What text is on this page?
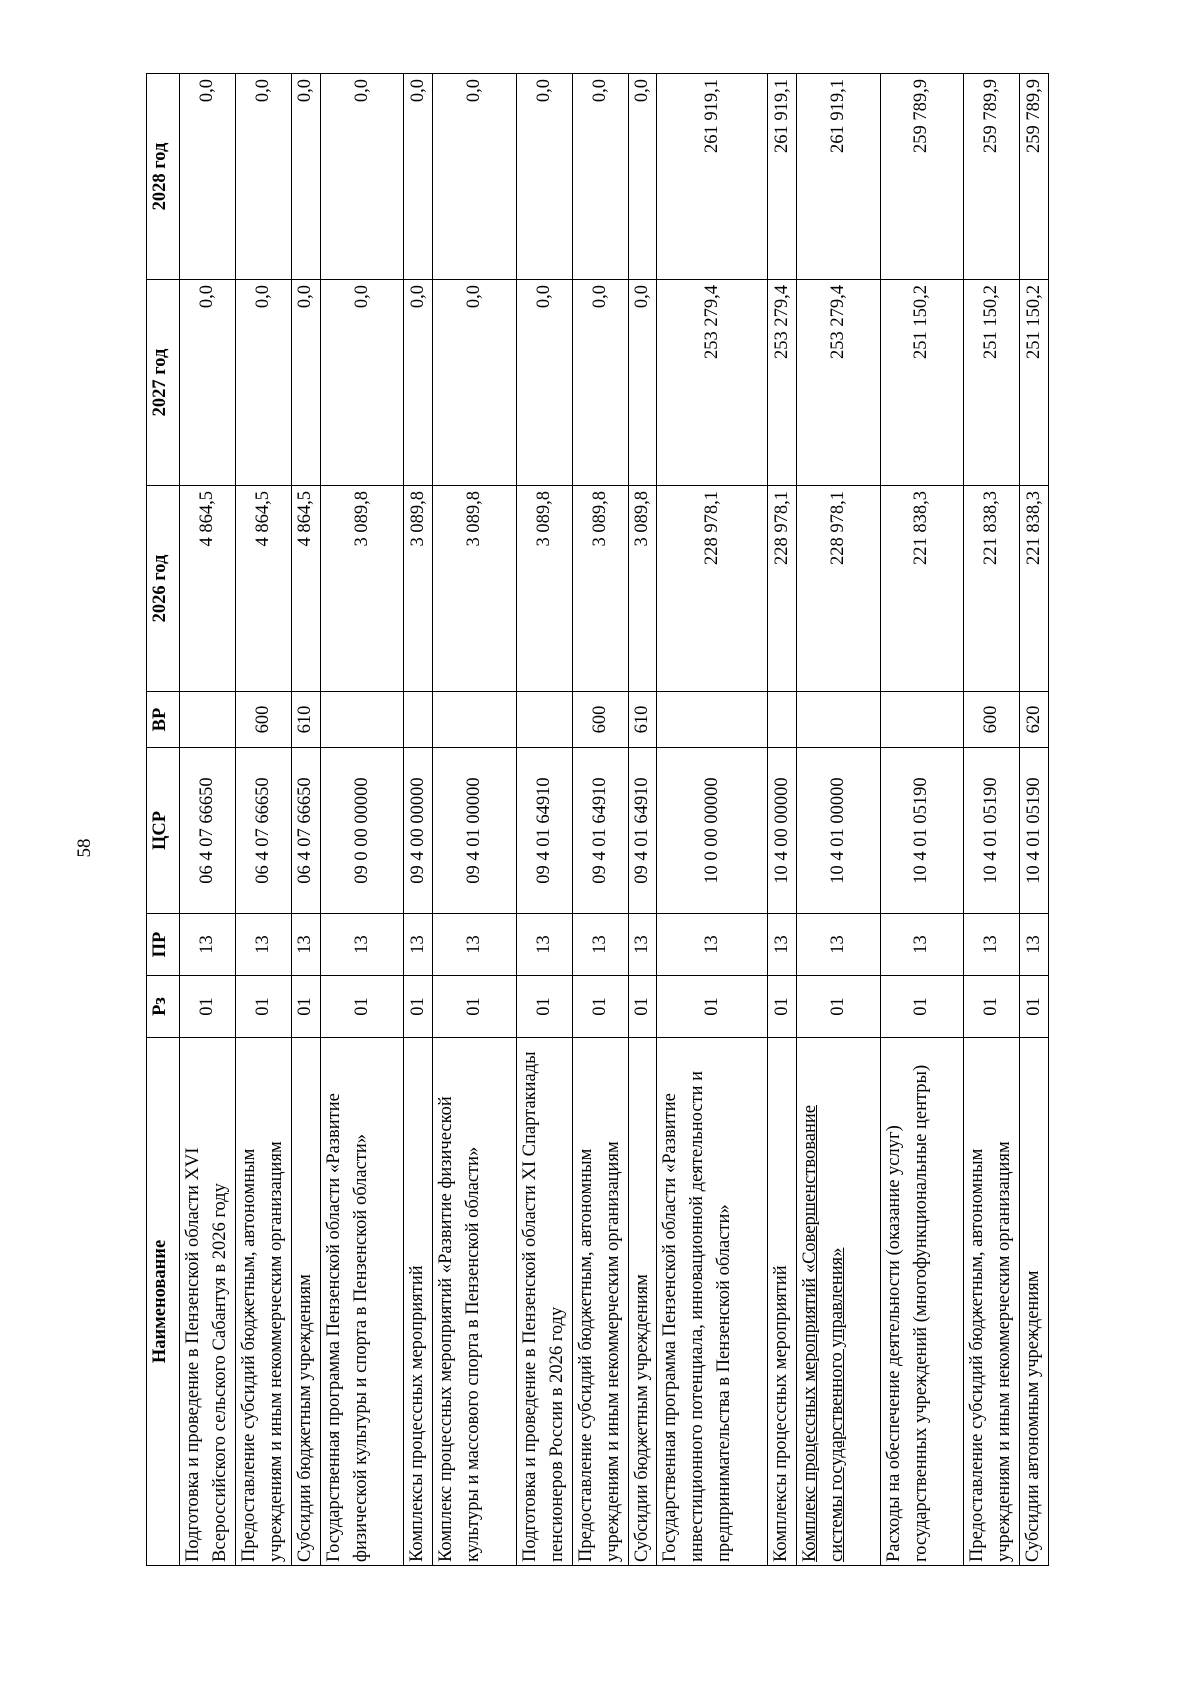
58
Наименование	Рз	ПР	ЦСР	ВР	2026 год	2027 год	2028 год
Подготовка и проведение в Пензенской области XVI Всероссийского сельского Сабантуя в 2026 году	01	13	06 4 07 66650		4 864,5	0,0	0,0
Предоставление субсидий бюджетным, автономным учреждениям и иным некоммерческим организациям	01	13	06 4 07 66650	600	4 864,5	0,0	0,0
Субсидии бюджетным учреждениям	01	13	06 4 07 66650	610	4 864,5	0,0	0,0
Государственная программа Пензенской области «Развитие физической культуры и спорта в Пензенской области»	01	13	09 0 00 00000		3 089,8	0,0	0,0
Комплексы процессных мероприятий	01	13	09 4 00 00000		3 089,8	0,0	0,0
Комплекс процессных мероприятий «Развитие физической культуры и массового спорта в Пензенской области»	01	13	09 4 01 00000		3 089,8	0,0	0,0
Подготовка и проведение в Пензенской области XI Спартакиады пенсионеров России в 2026 году	01	13	09 4 01 64910		3 089,8	0,0	0,0
Предоставление субсидий бюджетным, автономным учреждениям и иным некоммерческим организациям	01	13	09 4 01 64910	600	3 089,8	0,0	0,0
Субсидии бюджетным учреждениям	01	13	09 4 01 64910	610	3 089,8	0,0	0,0
Государственная программа Пензенской области «Развитие инвестиционного потенциала, инновационной деятельности и предпринимательства в Пензенской области»	01	13	10 0 00 00000		228 978,1	253 279,4	261 919,1
Комплексы процессных мероприятий	01	13	10 4 00 00000		228 978,1	253 279,4	261 919,1
Комплекс процессных мероприятий «Совершенствование системы государственного управления»	01	13	10 4 01 00000		228 978,1	253 279,4	261 919,1
Расходы на обеспечение деятельности (оказание услуг) государственных учреждений (многофункциональные центры)	01	13	10 4 01 05190		221 838,3	251 150,2	259 789,9
Предоставление субсидий бюджетным, автономным учреждениям и иным некоммерческим организациям	01	13	10 4 01 05190	600	221 838,3	251 150,2	259 789,9
Субсидии автономным учреждениям	01	13	10 4 01 05190	620	221 838,3	251 150,2	259 789,9
